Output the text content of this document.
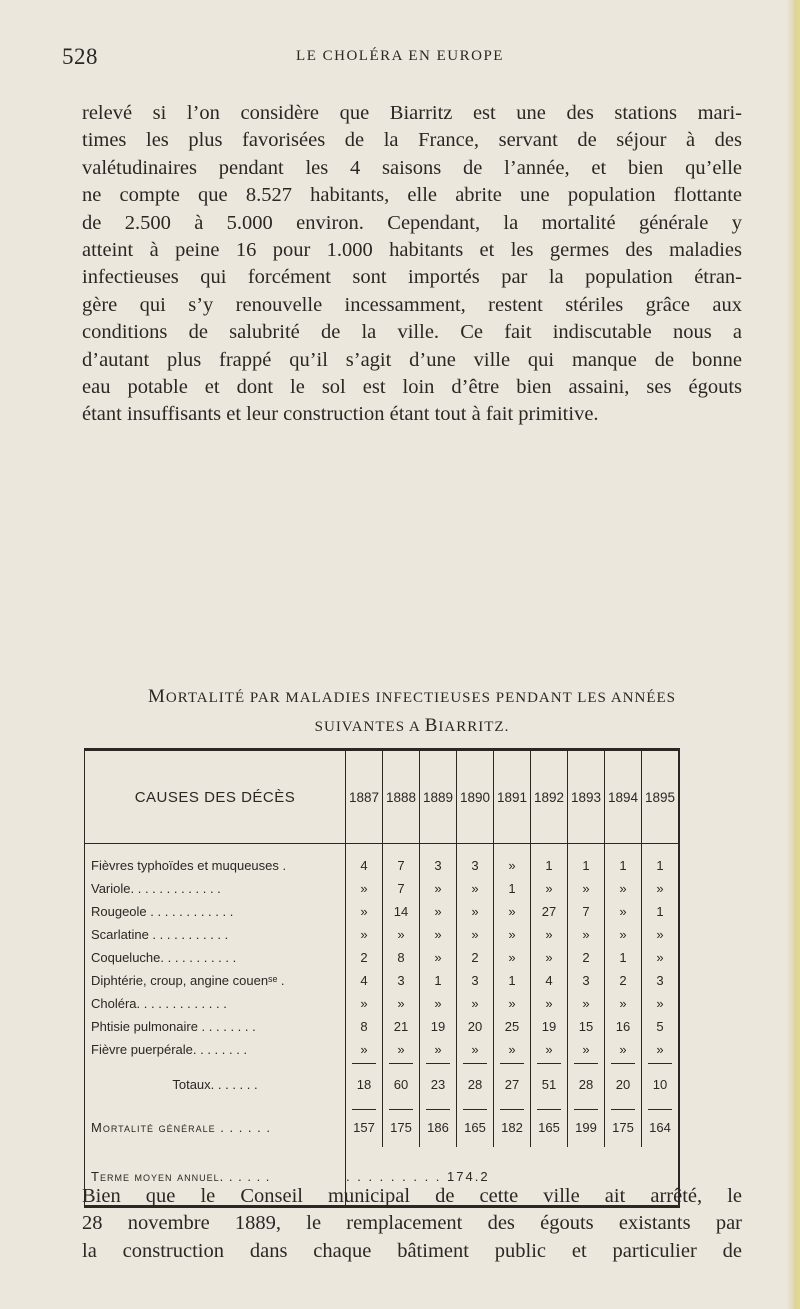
528	LE CHOLÉRA EN EUROPE
relevé si l’on considère que Biarritz est une des stations mari-
times les plus favorisées de la France, servant de séjour à des
valétudinaires pendant les 4 saisons de l’année, et bien qu’elle
ne compte que 8.527 habitants, elle abrite une population flottante
de 2.500 à 5.000 environ. Cependant, la mortalité générale y
atteint à peine 16 pour 1.000 habitants et les germes des maladies
infectieuses qui forcément sont importés par la population étran-
gère qui s’y renouvelle incessamment, restent stériles grâce aux
conditions de salubrité de la ville. Ce fait indiscutable nous a
d’autant plus frappé qu’il s’agit d’une ville qui manque de bonne
eau potable et dont le sol est loin d’être bien assaini, ses égouts
étant insuffisants et leur construction étant tout à fait primitive.
MORTALITÉ PAR MALADIES INFECTIEUSES PENDANT LES ANNÉES
SUIVANTES A BIARRITZ.
CAUSES DES DÉCÈS	1887	1888	1889	1890	1891	1892	1893	1894	1895

Fièvres typhoïdes et muqueuses .	4	7	3	3	»	1	1	1	1
Variole. . . . . . . . . . . . .	»	7	»	»	1	»	»	»	»
Rougeole . . . . . . . . . . . .	»	14	»	»	»	27	7	»	1
Scarlatine . . . . . . . . . . .	»	»	»	»	»	»	»	»	»
Coqueluche. . . . . . . . . . .	2	8	»	2	»	»	2	1	»
Diphtérie, croup, angine couenˢᵉ .	4	3	1	3	1	4	3	2	3
Choléra. . . . . . . . . . . . .	»	»	»	»	»	»	»	»	»
Phtisie pulmonaire . . . . . . . .	8	21	19	20	25	19	15	16	5
Fièvre puerpérale. . . . . . . .	»	»	»	»	»	»	»	»	»
Totaux. . . . . . .	18	60	23	28	27	51	28	20	10
Mortalité générale . . . . . .	157	175	186	165	182	165	199	175	164
Terme moyen annuel. . . . . .	. . . . . . . . . 174.2								
Bien que le Conseil municipal de cette ville ait arrêté, le
28 novembre 1889, le remplacement des égouts existants par
la construction dans chaque bâtiment public et particulier de
